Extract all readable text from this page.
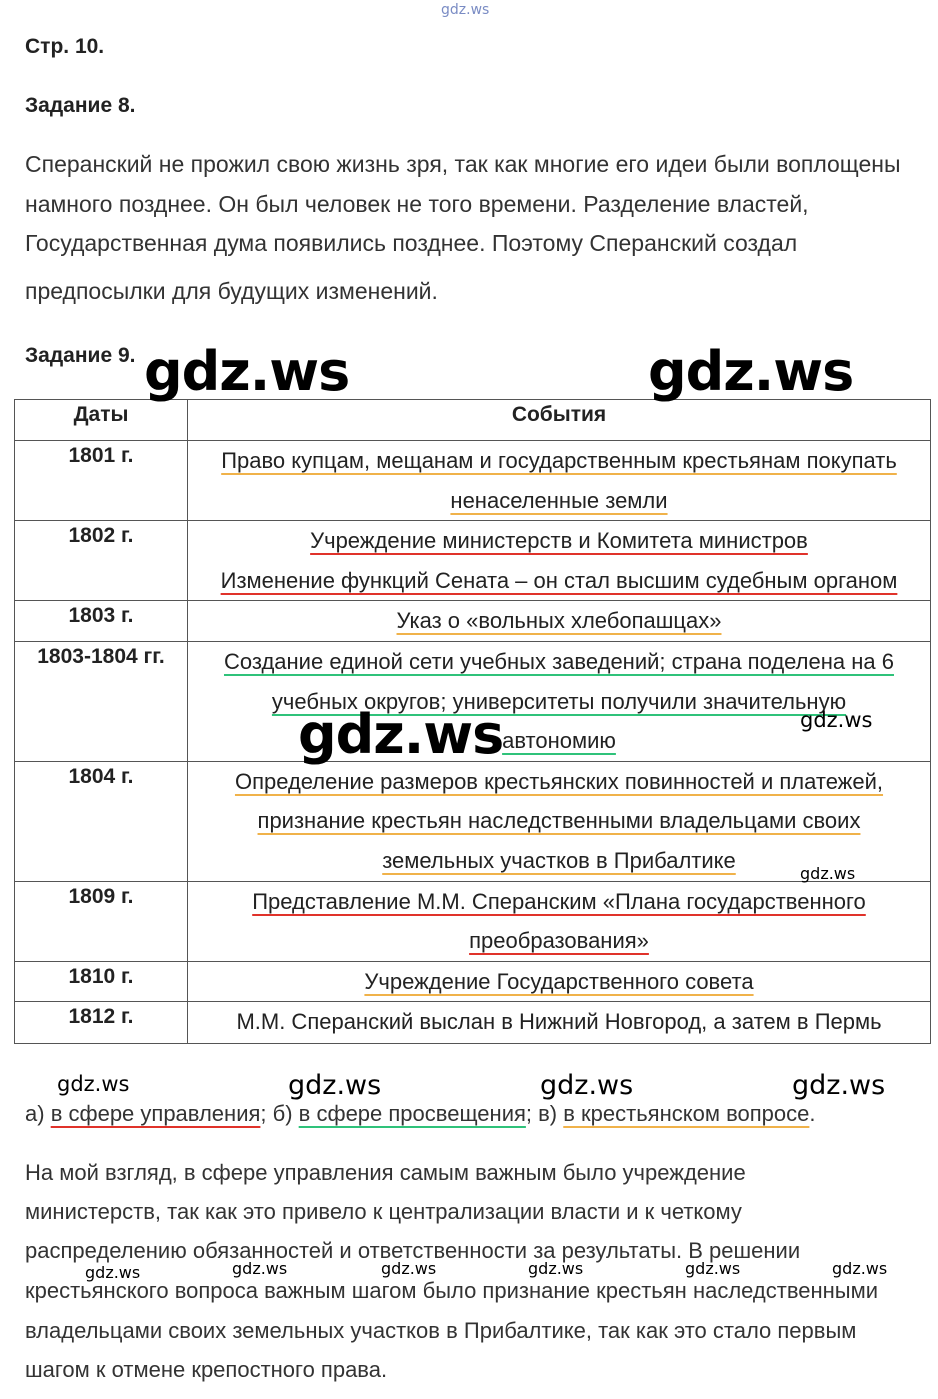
gdz.ws
Стр. 10.
Задание 8.
Сперанский не прожил свою жизнь зря, так как многие его идеи были воплощены
намного позднее. Он был человек не того времени. Разделение властей,
Государственная дума появились позднее. Поэтому Сперанский создал
предпосылки для будущих изменений.
Задание 9.
Даты	События
1801 г.	Право купцам, мещанам и государственным крестьянам покупать
ненаселенные земли
1802 г.	Учреждение министерств и Комитета министров
Изменение функций Сената – он стал высшим судебным органом
1803 г.	Указ о «вольных хлебопашцах»
1803-1804 гг.	Создание единой сети учебных заведений; страна поделена на 6
учебных округов; университеты получили значительную
автономию
1804 г.	Определение размеров крестьянских повинностей и платежей,
признание крестьян наследственными владельцами своих
земельных участков в Прибалтике
1809 г.	Представление М.М. Сперанским «Плана государственного
преобразования»
1810 г.	Учреждение Государственного совета
1812 г.	М.М. Сперанский выслан в Нижний Новгород, а затем в Пермь
gdz.ws	gdz.ws
gdz.ws	gdz.ws
gdz.ws
gdz.ws	gdz.ws	gdz.ws	gdz.ws
а) в сфере управления; б) в сфере просвещения; в) в крестьянском вопросе.
На мой взгляд, в сфере управления самым важным было учреждение
министерств, так как это привело к централизации власти и к четкому
распределению обязанностей и ответственности за результаты. В решении
крестьянского вопроса важным шагом было признание крестьян наследственными
владельцами своих земельных участков в Прибалтике, так как это стало первым
шагом к отмене крепостного права.
gdz.ws	gdz.ws	gdz.ws	gdz.ws	gdz.ws	gdz.ws
